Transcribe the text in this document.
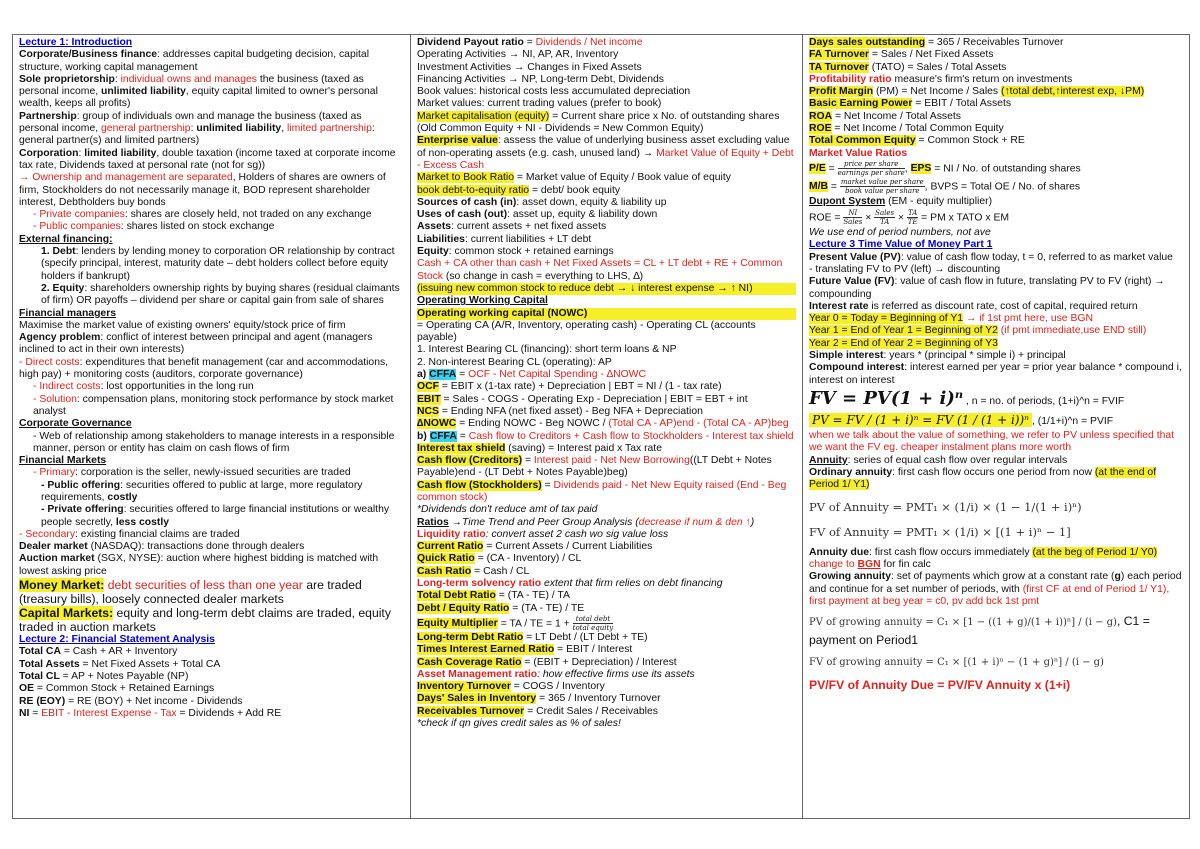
Lecture 1: Introduction
Corporate/Business finance: addresses capital budgeting decision, capital structure, working capital management
Sole proprietorship: individual owns and manages the business (taxed as personal income, unlimited liability, equity capital limited to owner's personal wealth, keeps all profits)
Partnership: group of individuals own and manage the business (taxed as personal income, general partnership: unlimited liability, limited partnership: general partner(s) and limited partners)
Corporation: limited liability, double taxation (income taxed at corporate income tax rate, Dividends taxed at personal rate (not for sg))
→ Ownership and management are separated, Holders of shares are owners of firm, Stockholders do not necessarily manage it, BOD represent shareholder interest, Debtholders buy bonds
- Private companies: shares are closely held, not traded on any exchange
- Public companies: shares listed on stock exchange
External financing:
1. Debt: lenders by lending money to corporation OR relationship by contract (specify principal, interest, maturity date – debt holders collect before equity holders if bankrupt)
2. Equity: shareholders ownership rights by buying shares (residual claimants of firm) OR payoffs – dividend per share or capital gain from sale of shares
Financial managers
Maximise the market value of existing owners' equity/stock price of firm
Agency problem: conflict of interest between principal and agent (managers inclined to act in their own interests)
- Direct costs: expenditures that benefit management (car and accommodations, high pay) + monitoring costs (auditors, corporate governance)
- Indirect costs: lost opportunities in the long run
- Solution: compensation plans, monitoring stock performance by stock market analyst
Corporate Governance
- Web of relationship among stakeholders to manage interests in a responsible manner, person or entity has claim on cash flows of firm
Financial Markets
- Primary: corporation is the seller, newly-issued securities are traded
- Public offering: securities offered to public at large, more regulatory requirements, costly
- Private offering: securities offered to large financial institutions or wealthy people secretly, less costly
- Secondary: existing financial claims are traded
Dealer market (NASDAQ): transactions done through dealers
Auction market (SGX, NYSE): auction where highest bidding is matched with lowest asking price
Money Market: debt securities of less than one year are traded (treasury bills), loosely connected dealer markets
Capital Markets: equity and long-term debt claims are traded, equity traded in auction markets
Lecture 2: Financial Statement Analysis
Total CA = Cash + AR + Inventory
Total Assets = Net Fixed Assets + Total CA
Total CL = AP + Notes Payable (NP)
OE = Common Stock + Retained Earnings
RE (EOY) = RE (BOY) + Net income - Dividends
NI = EBIT - Interest Expense - Tax = Dividends + Add RE
Dividend Payout ratio = Dividends / Net income
Operating Activities → NI, AP, AR, Inventory
Investment Activities → Changes in Fixed Assets
Financing Activities → NP, Long-term Debt, Dividends
Book values: historical costs less accumulated depreciation
Market values: current trading values (prefer to book)
Market capitalisation (equity) = Current share price x No. of outstanding shares (Old Common Equity + NI - Dividends = New Common Equity)
Enterprise value: assess the value of underlying business asset excluding value of non-operating assets (e.g. cash, unused land) → Market Value of Equity + Debt - Excess Cash
Market to Book Ratio = Market value of Equity / Book value of equity
book debt-to-equity ratio = debt/ book equity
Sources of cash (in): asset down, equity & liability up
Uses of cash (out): asset up, equity & liability down
Assets: current assets + net fixed assets
Liabilities: current liabilities + LT debt
Equity: common stock + retained earnings
Cash + CA other than cash + Net Fixed Assets = CL + LT debt + RE + Common Stock (so change in cash = everything to LHS, ∆)
(issuing new common stock to reduce debt → ↓ interest expense → ↑ NI)
Operating Working Capital
Operating working capital (NOWC)
= Operating CA (A/R, Inventory, operating cash) - Operating CL (accounts payable)
1. Interest Bearing CL (financing): short term loans & NP
2. Non-interest Bearing CL (operating): AP
a) CFFA = OCF - Net Capital Spending - ∆NOWC
OCF = EBIT x (1-tax rate) + Depreciation | EBT = NI / (1 - tax rate)
EBIT = Sales - COGS - Operating Exp - Depreciation | EBIT = EBT + int
NCS = Ending NFA (net fixed asset) - Beg NFA + Depreciation
∆NOWC = Ending NOWC - Beg NOWC / (Total CA - AP)end - (Total CA - AP)beg
b) CFFA = Cash flow to Creditors + Cash flow to Stockholders - Interest tax shield
Interest tax shield (saving) = Interest paid x Tax rate
Cash flow (Creditors) = Interest paid - Net New Borrowing((LT Debt + Notes Payable)end - (LT Debt + Notes Payable)beg)
Cash flow (Stockholders) = Dividends paid - Net New Equity raised (End - Beg common stock)
*Dividends don't reduce amt of tax paid
Ratios →Time Trend and Peer Group Analysis (decrease if num & den ↑)
Liquidity ratio: convert asset 2 cash wo sig value loss
Current Ratio = Current Assets / Current Liabilities
Quick Ratio = (CA - Inventory) / CL
Cash Ratio = Cash / CL
Long-term solvency ratio extent that firm relies on debt financing
Total Debt Ratio = (TA - TE) / TA
Debt / Equity Ratio = (TA - TE) / TE
Equity Multiplier = TA / TE = $1 + \frac{\text{total debt}}{\text{total equity}}$
Long-term Debt Ratio = LT Debt / (LT Debt + TE)
Times Interest Earned Ratio = EBIT / Interest
Cash Coverage Ratio = (EBIT + Depreciation) / Interest
Asset Management ratio: how effective firms use its assets
Inventory Turnover = COGS / Inventory
Days' Sales in Inventory = 365 / Inventory Turnover
Receivables Turnover = Credit Sales / Receivables
*check if qn gives credit sales as % of sales!
Days sales outstanding = 365 / Receivables Turnover
FA Turnover = Sales / Net Fixed Assets
TA Turnover (TATO) = Sales / Total Assets
Profitability ratio measure's firm's return on investments
Profit Margin (PM) = Net Income / Sales (↑total debt,↑interest exp, ↓PM)
Basic Earning Power = EBIT / Total Assets
ROA = Net Income / Total Assets
ROE = Net Income / Total Common Equity
Total Common Equity = Common Stock + RE
Market Value Ratios
$P/E = \frac{\text{price per share}}{\text{earnings per share}}$ , EPS = NI / No. of outstanding shares
$M/B = \frac{\text{market value per share}}{\text{book value per share}}$ , BVPS = Total OE / No. of shares
Dupont System (EM - equity multiplier)
ROE = $\frac{NI}{\text{Sales}} \times \frac{\text{Sales}}{TA} \times \frac{TA}{TE}$ = PM x TATO x EM
We use end of period numbers, not ave
Lecture 3 Time Value of Money Part 1
Present Value (PV): value of cash flow today, t = 0, referred to as market value
- translating FV to PV (left) → discounting
Future Value (FV): value of cash flow in future, translating PV to FV (right) → compounding
Interest rate is referred as discount rate, cost of capital, required return
Year 0 = Today = Beginning of Y1 → if 1st pmt here, use BGN
Year 1 = End of Year 1 = Beginning of Y2 (if pmt immediate,use END still)
Year 2 = End of Year 2 = Beginning of Y3
Simple interest: years * (principal * simple i) + principal
Compound interest: interest earned per year = prior year balance * compound i, interest on interest
FV = PV(1 + i)ⁿ , n = no. of periods, (1+i)^n = FVIF
PV = FV / (1 + i)ⁿ = FV (1 / (1 + i))ⁿ , (1/1+i)^n = PVIF
when we talk about the value of something, we refer to PV unless specified that we want the FV eg. cheaper instalment plans more worth
Annuity: series of equal cash flow over regular intervals
Ordinary annuity: first cash flow occurs one period from now (at the end of Period 1/ Y1)
PV of Annuity = PMT₁ × (1/i) × (1 − 1/(1 + i)ⁿ)
FV of Annuity = PMT₁ × (1/i) × [(1 + i)ⁿ − 1]
Annuity due: first cash flow occurs immediately (at the beg of Period 1/ Y0) change to BGN for fin calc
Growing annuity: set of payments which grow at a constant rate (g) each period and continue for a set number of periods, with (first CF at end of Period 1/ Y1), first payment at beg year = c0, pv add bck 1st pmt
PV of growing annuity = C₁ × [1 − ((1 + g)/(1 + i))ⁿ] / (i − g), C1 = payment on Period1
FV of growing annuity = C₁ × [(1 + i)ⁿ − (1 + g)ⁿ] / (i − g)
PV/FV of Annuity Due = PV/FV Annuity x (1+i)
